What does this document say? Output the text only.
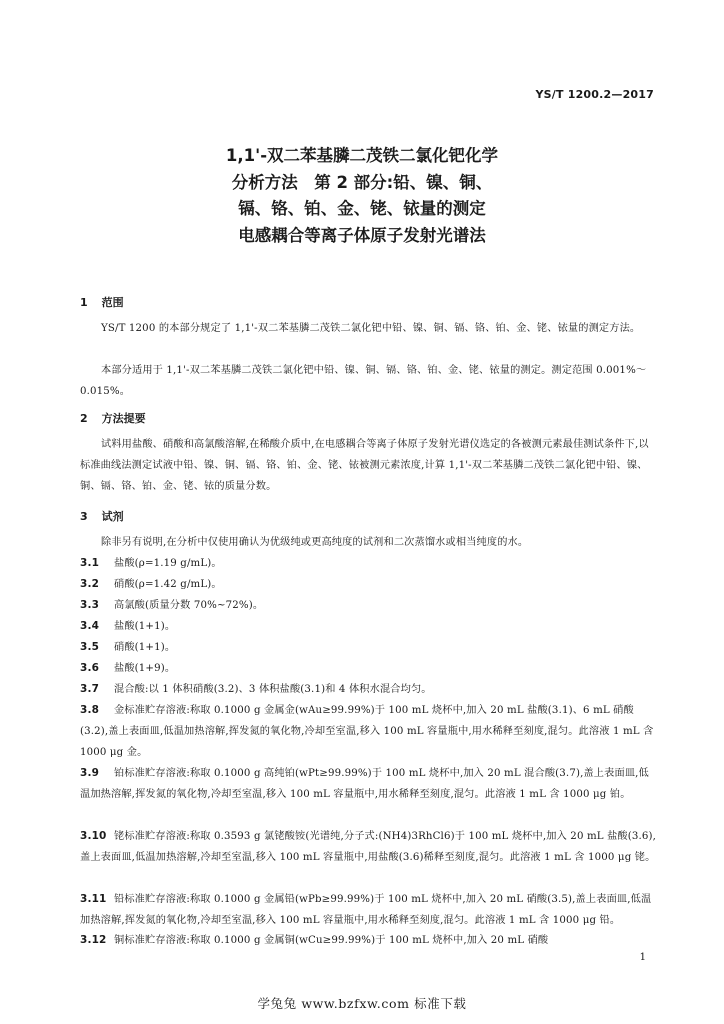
YS/T 1200.2—2017
1,1'-双二苯基膦二茂铁二氯化钯化学
分析方法　第 2 部分:铅、镍、铜、
镉、铬、铂、金、铑、铱量的测定
电感耦合等离子体原子发射光谱法
1 范围
YS/T 1200 的本部分规定了 1,1'-双二苯基膦二茂铁二氯化钯中铅、镍、铜、镉、铬、铂、金、铑、铱量的测定方法。
本部分适用于 1,1'-双二苯基膦二茂铁二氯化钯中铅、镍、铜、镉、铬、铂、金、铑、铱量的测定。测定范围 0.001%～0.015%。
2 方法提要
试料用盐酸、硝酸和高氯酸溶解,在稀酸介质中,在电感耦合等离子体原子发射光谱仪选定的各被测元素最佳测试条件下,以标准曲线法测定试液中铅、镍、铜、镉、铬、铂、金、铑、铱被测元素浓度,计算 1,1'-双二苯基膦二茂铁二氯化钯中铅、镍、铜、镉、铬、铂、金、铑、铱的质量分数。
3 试剂
除非另有说明,在分析中仅使用确认为优级纯或更高纯度的试剂和二次蒸馏水或相当纯度的水。
3.1 盐酸(ρ=1.19 g/mL)。
3.2 硝酸(ρ=1.42 g/mL)。
3.3 高氯酸(质量分数 70%~72%)。
3.4 盐酸(1+1)。
3.5 硝酸(1+1)。
3.6 盐酸(1+9)。
3.7 混合酸:以 1 体积硝酸(3.2)、3 体积盐酸(3.1)和 4 体积水混合均匀。
3.8 金标准贮存溶液:称取 0.1000 g 金属金(wAu≥99.99%)于 100 mL 烧杯中,加入 20 mL 盐酸(3.1)、6 mL 硝酸(3.2),盖上表面皿,低温加热溶解,挥发氮的氧化物,冷却至室温,移入 100 mL 容量瓶中,用水稀释至刻度,混匀。此溶液 1 mL 含 1000 μg 金。
3.9 铂标准贮存溶液:称取 0.1000 g 高纯铂(wPt≥99.99%)于 100 mL 烧杯中,加入 20 mL 混合酸(3.7),盖上表面皿,低温加热溶解,挥发氮的氧化物,冷却至室温,移入 100 mL 容量瓶中,用水稀释至刻度,混匀。此溶液 1 mL 含 1000 μg 铂。
3.10 铑标准贮存溶液:称取 0.3593 g 氯铑酸铵(光谱纯,分子式:(NH4)3RhCl6)于 100 mL 烧杯中,加入 20 mL 盐酸(3.6),盖上表面皿,低温加热溶解,冷却至室温,移入 100 mL 容量瓶中,用盐酸(3.6)稀释至刻度,混匀。此溶液 1 mL 含 1000 μg 铑。
3.11 铅标准贮存溶液:称取 0.1000 g 金属铅(wPb≥99.99%)于 100 mL 烧杯中,加入 20 mL 硝酸(3.5),盖上表面皿,低温加热溶解,挥发氮的氧化物,冷却至室温,移入 100 mL 容量瓶中,用水稀释至刻度,混匀。此溶液 1 mL 含 1000 μg 铅。
3.12 铜标准贮存溶液:称取 0.1000 g 金属铜(wCu≥99.99%)于 100 mL 烧杯中,加入 20 mL 硝酸
1
学兔兔 www.bzfxw.com 标准下载
